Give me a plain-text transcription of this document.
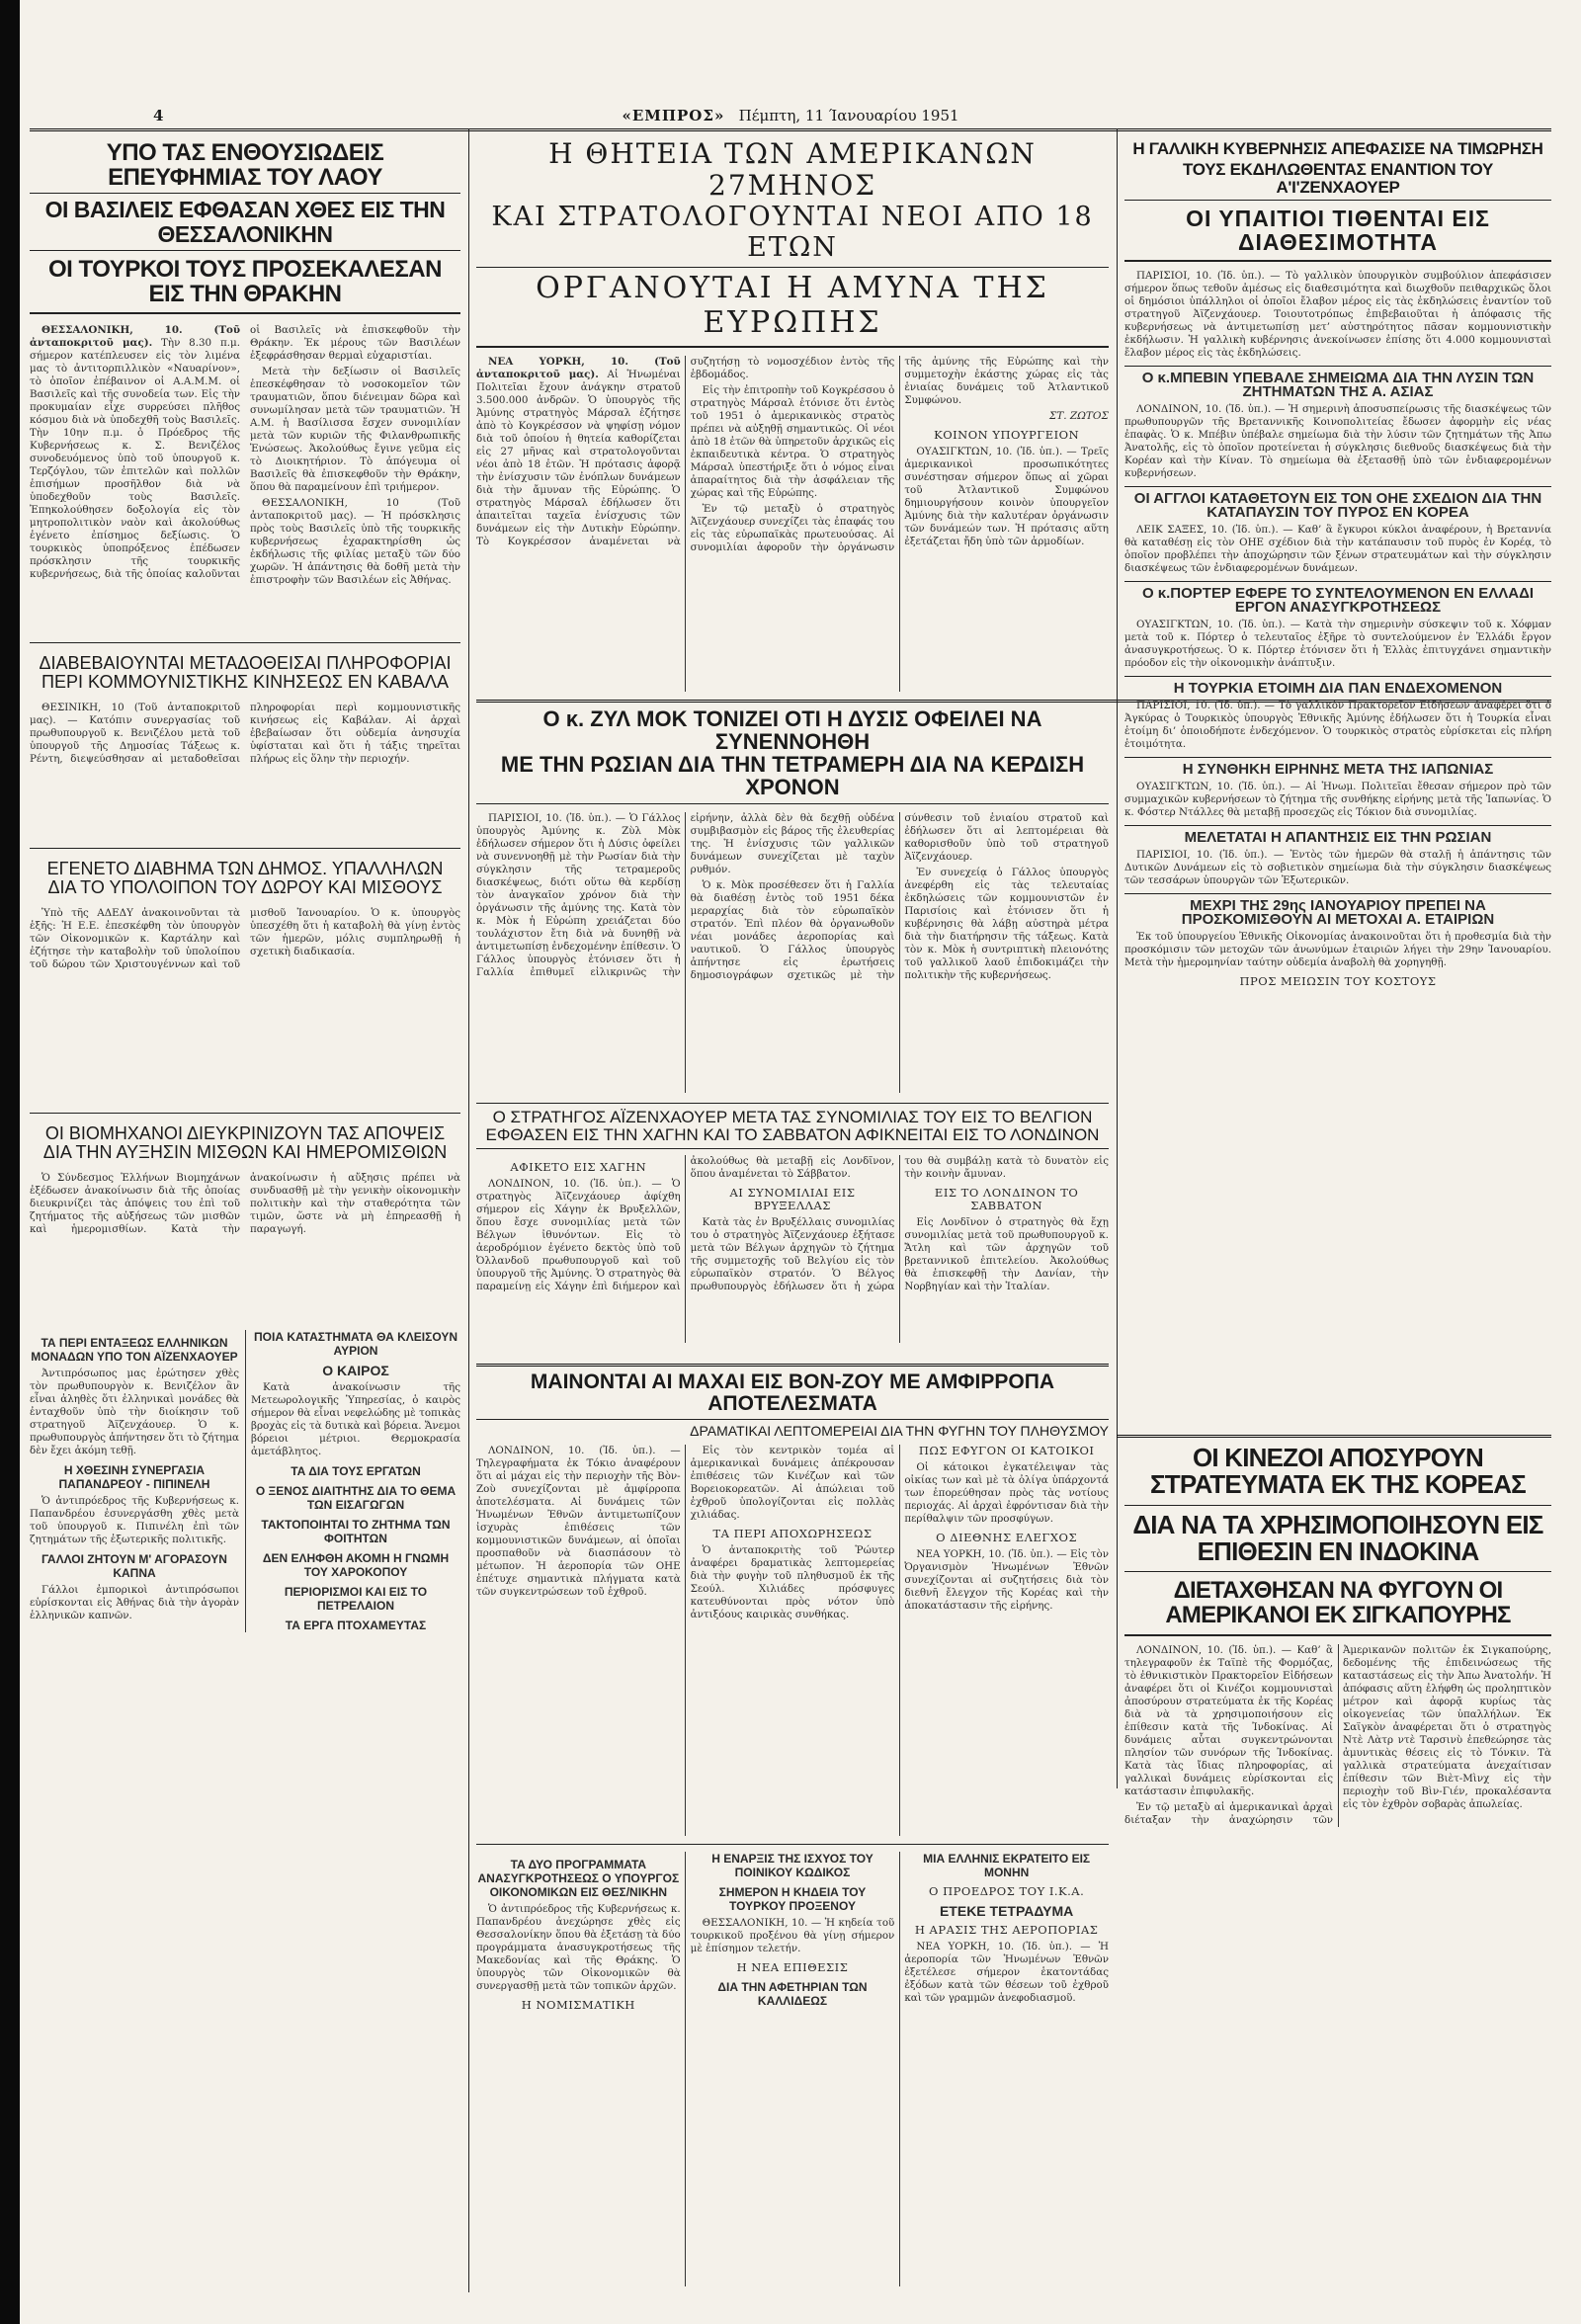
4	«ΕΜΠΡΟΣ» Πέμπτη, 11 Ίανουαρίου 1951
ΥΠΟ ΤΑΣ ΕΝΘΟΥΣΙΩΔΕΙΣ ΕΠΕΥΦΗΜΙΑΣ ΤΟΥ ΛΑΟΥ
ΟΙ ΒΑΣΙΛΕΙΣ ΕΦΘΑΣΑΝ ΧΘΕΣ ΕΙΣ ΤΗΝ ΘΕΣΣΑΛΟΝΙΚΗΝ
ΟΙ ΤΟΥΡΚΟΙ ΤΟΥΣ ΠΡΟΣΕΚΑΛΕΣΑΝ ΕΙΣ ΤΗΝ ΘΡΑΚΗΝ

ΘΕΣΣΑΛΟΝΙΚΗ, 10. (Τοῦ ἀνταποκριτοῦ μας). Τὴν 8.30 π.μ. σήμερον κατέπλευσεν εἰς τὸν λιμένα μας τὸ ἀντιτορπιλλικὸν «Ναυαρίνον», τὸ ὁποῖον ἐπέβαινον οἱ Α.Α.Μ.Μ. οἱ Βασιλεῖς καὶ τῆς συνοδεία των. Εἰς τὴν προκυμαίαν εἶχε συρρεύσει πλῆθος κόσμου διὰ νὰ ὑποδεχθῆ τοὺς Βασιλεῖς. Τὴν 10ην π.μ. ὁ Πρόεδρος τῆς Κυβερνήσεως κ. Σ. Βενιζέλος συνοδευόμενος ὑπὸ τοῦ ὑπουργοῦ κ. Τερζόγλου, τῶν ἐπιτελῶν καὶ πολλῶν ἐπισήμων προσῆλθον διὰ νὰ ὑποδεχθοῦν τοὺς Βασιλεῖς. Ἐπηκολούθησεν δοξολογία εἰς τὸν μητροπολιτικὸν ναὸν καὶ ἀκολούθως ἐγένετο ἐπίσημος δεξίωσις. Ὁ τουρκικὸς ὑποπρόξενος ἐπέδωσεν πρόσκλησιν τῆς τουρκικῆς κυβερνήσεως, διὰ τῆς ὁποίας καλοῦνται οἱ Βασιλεῖς νὰ ἐπισκεφθοῦν τὴν Θράκην. Ἐκ μέρους τῶν Βασιλέων ἐξεφράσθησαν θερμαὶ εὐχαριστίαι.

Μετὰ τὴν δεξίωσιν οἱ Βασιλεῖς ἐπεσκέφθησαν τὸ νοσοκομεῖον τῶν τραυματιῶν, ὅπου διένειμαν δῶρα καὶ συνωμίλησαν μετὰ τῶν τραυματιῶν. Ἡ Α.Μ. ἡ Βασίλισσα ἔσχεν συνομιλίαν μετὰ τῶν κυριῶν τῆς Φιλανθρωπικῆς Ἑνώσεως. Ἀκολούθως ἔγινε γεῦμα εἰς τὸ Διοικητήριον. Τὸ ἀπόγευμα οἱ Βασιλεῖς θὰ ἐπισκεφθοῦν τὴν Θράκην, ὅπου θὰ παραμείνουν ἐπὶ τριήμερον.

ΘΕΣΣΑΛΟΝΙΚΗ, 10 (Τοῦ ἀνταποκριτοῦ μας). — Ἡ πρόσκλησις πρὸς τοὺς Βασιλεῖς ὑπὸ τῆς τουρκικῆς κυβερνήσεως ἐχαρακτηρίσθη ὡς ἐκδήλωσις τῆς φιλίας μεταξὺ τῶν δύο χωρῶν. Ἡ ἀπάντησις θὰ δοθῆ μετὰ τὴν ἐπιστροφὴν τῶν Βασιλέων εἰς Ἀθήνας.

ΔΙΑΒΕΒΑΙΟΥΝΤΑΙ ΜΕΤΑΔΟΘΕΙΣΑΙ ΠΛΗΡΟΦΟΡΙΑΙ ΠΕΡΙ ΚΟΜΜΟΥΝΙΣΤΙΚΗΣ ΚΙΝΗΣΕΩΣ ΕΝ ΚΑΒΑΛΑ

ΘΕΣΙΝΙΚΗ, 10 (Τοῦ ἀνταποκριτοῦ μας). — Κατόπιν συνεργασίας τοῦ πρωθυπουργοῦ κ. Βενιζέλου μετὰ τοῦ ὑπουργοῦ τῆς Δημοσίας Τάξεως κ. Ρέντη, διεψεύσθησαν αἱ μεταδοθεῖσαι πληροφορίαι περὶ κομμουνιστικῆς κινήσεως εἰς Καβάλαν. Αἱ ἀρχαὶ ἐβεβαίωσαν ὅτι οὐδεμία ἀνησυχία ὑφίσταται καὶ ὅτι ἡ τάξις τηρεῖται πλήρως εἰς ὅλην τὴν περιοχήν.

ΕΓΕΝΕΤΟ ΔΙΑΒΗΜΑ ΤΩΝ ΔΗΜΟΣ. ΥΠΑΛΛΗΛΩΝ ΔΙΑ ΤΟ ΥΠΟΛΟΙΠΟΝ ΤΟΥ ΔΩΡΟΥ ΚΑΙ ΜΙΣΘΟΥΣ

Ὑπὸ τῆς ΑΔΕΔΥ ἀνακοινοῦνται τὰ ἑξῆς: Ἡ Ε.Ε. ἐπεσκέφθη τὸν ὑπουργὸν τῶν Οἰκονομικῶν κ. Καρτάλην καὶ ἐζήτησε τὴν καταβολὴν τοῦ ὑπολοίπου τοῦ δώρου τῶν Χριστουγέννων καὶ τοῦ μισθοῦ Ἰανουαρίου. Ὁ κ. ὑπουργὸς ὑπεσχέθη ὅτι ἡ καταβολὴ θὰ γίνῃ ἐντὸς τῶν ἡμερῶν, μόλις συμπληρωθῇ ἡ σχετικὴ διαδικασία.

ΟΙ ΒΙΟΜΗΧΑΝΟΙ ΔΙΕΥΚΡΙΝΙΖΟΥΝ ΤΑΣ ΑΠΟΨΕΙΣ ΔΙΑ ΤΗΝ ΑΥΞΗΣΙΝ ΜΙΣΘΩΝ ΚΑΙ ΗΜΕΡΟΜΙΣΘΙΩΝ

Ὁ Σύνδεσμος Ἑλλήνων Βιομηχάνων ἐξέδωσεν ἀνακοίνωσιν διὰ τῆς ὁποίας διευκρινίζει τὰς ἀπόψεις του ἐπὶ τοῦ ζητήματος τῆς αὐξήσεως τῶν μισθῶν καὶ ἡμερομισθίων. Κατὰ τὴν ἀνακοίνωσιν ἡ αὔξησις πρέπει νὰ συνδυασθῇ μὲ τὴν γενικὴν οἰκονομικὴν πολιτικὴν καὶ τὴν σταθερότητα τῶν τιμῶν, ὥστε νὰ μὴ ἐπηρεασθῇ ἡ παραγωγή.

ΤΑ ΠΕΡΙ ΕΝΤΑΞΕΩΣ ΕΛΛΗΝΙΚΩΝ ΜΟΝΑΔΩΝ ΥΠΟ ΤΟΝ ΑΪΖΕΝΧΑΟΥΕΡ

Ἀντιπρόσωπος μας ἐρώτησεν χθὲς τὸν πρωθυπουργὸν κ. Βενιζέλον ἂν εἶναι ἀληθὲς ὅτι ἑλληνικαὶ μονάδες θὰ ἐνταχθοῦν ὑπὸ τὴν διοίκησιν τοῦ στρατηγοῦ Ἀϊζενχάουερ. Ὁ κ. πρωθυπουργὸς ἀπήντησεν ὅτι τὸ ζήτημα δὲν ἔχει ἀκόμη τεθῇ.

Η ΧΘΕΣΙΝΗ ΣΥΝΕΡΓΑΣΙΑ ΠΑΠΑΝΔΡΕΟΥ - ΠΙΠΙΝΕΛΗ

Ὁ ἀντιπρόεδρος τῆς Κυβερνήσεως κ. Παπανδρέου ἐσυνεργάσθη χθὲς μετὰ τοῦ ὑπουργοῦ κ. Πιπινέλη ἐπὶ τῶν ζητημάτων τῆς ἐξωτερικῆς πολιτικῆς.

ΓΑΛΛΟΙ ΖΗΤΟΥΝ Μ' ΑΓΟΡΑΣΟΥΝ ΚΑΠΝΑ

Γάλλοι ἐμπορικοὶ ἀντιπρόσωποι εὑρίσκονται εἰς Ἀθήνας διὰ τὴν ἀγορὰν ἑλληνικῶν καπνῶν.

ΠΟΙΑ ΚΑΤΑΣΤΗΜΑΤΑ ΘΑ ΚΛΕΙΣΟΥΝ ΑΥΡΙΟΝ
Ο ΚΑΙΡΟΣ

Κατὰ ἀνακοίνωσιν τῆς Μετεωρολογικῆς Ὑπηρεσίας, ὁ καιρὸς σήμερον θὰ εἶναι νεφελώδης μὲ τοπικὰς βροχὰς εἰς τὰ δυτικὰ καὶ βόρεια. Ἄνεμοι βόρειοι μέτριοι. Θερμοκρασία ἀμετάβλητος.

ΤΑ ΔΙΑ ΤΟΥΣ ΕΡΓΑΤΩΝ
Ο ΞΕΝΟΣ ΔΙΑΙΤΗΤΗΣ ΔΙΑ ΤΟ ΘΕΜΑ ΤΩΝ ΕΙΣΑΓΩΓΩΝ
ΤΑΚΤΟΠΟΙΗΤΑΙ ΤΟ ΖΗΤΗΜΑ ΤΩΝ ΦΟΙΤΗΤΩΝ
ΔΕΝ ΕΛΗΦΘΗ ΑΚΟΜΗ Η ΓΝΩΜΗ ΤΟΥ ΧΑΡΟΚΟΠΟΥ
ΠΕΡΙΟΡΙΣΜΟΙ ΚΑΙ ΕΙΣ ΤΟ ΠΕΤΡΕΛΑΙΟΝ
ΤΑ ΕΡΓΑ ΠΤΟΧΑΜΕΥΤΑΣ
Η ΘΗΤΕΙΑ ΤΩΝ ΑΜΕΡΙΚΑΝΩΝ 27ΜΗΝΟΣ
ΚΑΙ ΣΤΡΑΤΟΛΟΓΟΥΝΤΑΙ ΝΕΟΙ ΑΠΟ 18 ΕΤΩΝ
ΟΡΓΑΝΟΥΤΑΙ Η ΑΜΥΝΑ ΤΗΣ ΕΥΡΩΠΗΣ

ΝΕΑ ΥΟΡΚΗ, 10. (Τοῦ ἀνταποκριτοῦ μας). Αἱ Ἡνωμέναι Πολιτεῖαι ἔχουν ἀνάγκην στρατοῦ 3.500.000 ἀνδρῶν. Ὁ ὑπουργὸς τῆς Ἀμύνης στρατηγὸς Μάρσαλ ἐζήτησε ἀπὸ τὸ Κογκρέσσον νὰ ψηφίσῃ νόμον διὰ τοῦ ὁποίου ἡ θητεία καθορίζεται εἰς 27 μῆνας καὶ στρατολογοῦνται νέοι ἀπὸ 18 ἐτῶν. Ἡ πρότασις ἀφορᾷ τὴν ἐνίσχυσιν τῶν ἐνόπλων δυνάμεων διὰ τὴν ἄμυναν τῆς Εὐρώπης. Ὁ στρατηγὸς Μάρσαλ ἐδήλωσεν ὅτι ἀπαιτεῖται ταχεῖα ἐνίσχυσις τῶν δυνάμεων εἰς τὴν Δυτικὴν Εὐρώπην. Τὸ Κογκρέσσον ἀναμένεται νὰ συζητήσῃ τὸ νομοσχέδιον ἐντὸς τῆς ἑβδομάδος.

Εἰς τὴν ἐπιτροπὴν τοῦ Κογκρέσσου ὁ στρατηγὸς Μάρσαλ ἐτόνισε ὅτι ἐντὸς τοῦ 1951 ὁ ἀμερικανικὸς στρατὸς πρέπει νὰ αὐξηθῇ σημαντικῶς. Οἱ νέοι ἀπὸ 18 ἐτῶν θὰ ὑπηρετοῦν ἀρχικῶς εἰς ἐκπαιδευτικὰ κέντρα. Ὁ στρατηγὸς Μάρσαλ ὑπεστήριξε ὅτι ὁ νόμος εἶναι ἀπαραίτητος διὰ τὴν ἀσφάλειαν τῆς χώρας καὶ τῆς Εὐρώπης.

Ἐν τῷ μεταξὺ ὁ στρατηγὸς Ἀϊζενχάουερ συνεχίζει τὰς ἐπαφάς του εἰς τὰς εὐρωπαϊκὰς πρωτευούσας. Αἱ συνομιλίαι ἀφοροῦν τὴν ὀργάνωσιν τῆς ἀμύνης τῆς Εὐρώπης καὶ τὴν συμμετοχὴν ἑκάστης χώρας εἰς τὰς ἑνιαίας δυνάμεις τοῦ Ἀτλαντικοῦ Συμφώνου.

ΣΤ. ΖΩΤΟΣ
ΚΟΙΝΟΝ ΥΠΟΥΡΓΕΙΟΝ

ΟΥΑΣΙΓΚΤΩΝ, 10. (Ἰδ. ὑπ.). — Τρεῖς ἀμερικανικοὶ προσωπικότητες συνέστησαν σήμερον ὅπως αἱ χῶραι τοῦ Ἀτλαντικοῦ Συμφώνου δημιουργήσουν κοινὸν ὑπουργεῖον Ἀμύνης διὰ τὴν καλυτέραν ὀργάνωσιν τῶν δυνάμεών των. Ἡ πρότασις αὕτη ἐξετάζεται ἤδη ὑπὸ τῶν ἁρμοδίων.

Ο κ. ΖΥΛ ΜΟΚ ΤΟΝΙΖΕΙ ΟΤΙ Η ΔΥΣΙΣ ΟΦΕΙΛΕΙ ΝΑ ΣΥΝΕΝΝΟΗΘΗ
ΜΕ ΤΗΝ ΡΩΣΙΑΝ ΔΙΑ ΤΗΝ ΤΕΤΡΑΜΕΡΗ ΔΙΑ ΝΑ ΚΕΡΔΙΣΗ ΧΡΟΝΟΝ

ΠΑΡΙΣΙΟΙ, 10. (Ἰδ. ὑπ.). — Ὁ Γάλλος ὑπουργὸς Ἀμύνης κ. Ζὺλ Μὸκ ἐδήλωσεν σήμερον ὅτι ἡ Δύσις ὀφείλει νὰ συνεννοηθῇ μὲ τὴν Ρωσίαν διὰ τὴν σύγκλησιν τῆς τετραμεροῦς διασκέψεως, διότι οὕτω θὰ κερδίσῃ τὸν ἀναγκαῖον χρόνον διὰ τὴν ὀργάνωσιν τῆς ἀμύνης της. Κατὰ τὸν κ. Μὸκ ἡ Εὐρώπη χρειάζεται δύο τουλάχιστον ἔτη διὰ νὰ δυνηθῇ νὰ ἀντιμετωπίσῃ ἐνδεχομένην ἐπίθεσιν. Ὁ Γάλλος ὑπουργὸς ἐτόνισεν ὅτι ἡ Γαλλία ἐπιθυμεῖ εἰλικρινῶς τὴν εἰρήνην, ἀλλὰ δὲν θὰ δεχθῇ οὐδένα συμβιβασμὸν εἰς βάρος τῆς ἐλευθερίας της. Ἡ ἐνίσχυσις τῶν γαλλικῶν δυνάμεων συνεχίζεται μὲ ταχὺν ρυθμόν.

Ὁ κ. Μὸκ προσέθεσεν ὅτι ἡ Γαλλία θὰ διαθέσῃ ἐντὸς τοῦ 1951 δέκα μεραρχίας διὰ τὸν εὐρωπαϊκὸν στρατόν. Ἐπὶ πλέον θὰ ὀργανωθοῦν νέαι μονάδες ἀεροπορίας καὶ ναυτικοῦ. Ὁ Γάλλος ὑπουργὸς ἀπήντησε εἰς ἐρωτήσεις δημοσιογράφων σχετικῶς μὲ τὴν σύνθεσιν τοῦ ἑνιαίου στρατοῦ καὶ ἐδήλωσεν ὅτι αἱ λεπτομέρειαι θὰ καθορισθοῦν ὑπὸ τοῦ στρατηγοῦ Ἀϊζενχάουερ.

Ἐν συνεχείᾳ ὁ Γάλλος ὑπουργὸς ἀνεφέρθη εἰς τὰς τελευταίας ἐκδηλώσεις τῶν κομμουνιστῶν ἐν Παρισίοις καὶ ἐτόνισεν ὅτι ἡ κυβέρνησις θὰ λάβῃ αὐστηρὰ μέτρα διὰ τὴν διατήρησιν τῆς τάξεως. Κατὰ τὸν κ. Μὸκ ἡ συντριπτικὴ πλειονότης τοῦ γαλλικοῦ λαοῦ ἐπιδοκιμάζει τὴν πολιτικὴν τῆς κυβερνήσεως.

Ο ΣΤΡΑΤΗΓΟΣ ΑΪΖΕΝΧΑΟΥΕΡ ΜΕΤΑ ΤΑΣ ΣΥΝΟΜΙΛΙΑΣ ΤΟΥ ΕΙΣ ΤΟ ΒΕΛΓΙΟΝ
ΕΦΘΑΣΕΝ ΕΙΣ ΤΗΝ ΧΑΓΗΝ ΚΑΙ ΤΟ ΣΑΒΒΑΤΟΝ ΑΦΙΚΝΕΙΤΑΙ ΕΙΣ ΤΟ ΛΟΝΔΙΝΟΝ
ΑΦΙΚΕΤΟ ΕΙΣ ΧΑΓΗΝ

ΛΟΝΔΙΝΟΝ, 10. (Ἰδ. ὑπ.). — Ὁ στρατηγὸς Ἀϊζενχάουερ ἀφίχθη σήμερον εἰς Χάγην ἐκ Βρυξελλῶν, ὅπου ἔσχε συνομιλίας μετὰ τῶν Βέλγων ἰθυνόντων. Εἰς τὸ ἀεροδρόμιον ἐγένετο δεκτὸς ὑπὸ τοῦ Ὀλλανδοῦ πρωθυπουργοῦ καὶ τοῦ ὑπουργοῦ τῆς Ἀμύνης. Ὁ στρατηγὸς θὰ παραμείνῃ εἰς Χάγην ἐπὶ διήμερον καὶ ἀκολούθως θὰ μεταβῇ εἰς Λονδῖνον, ὅπου ἀναμένεται τὸ Σάββατον.

ΑΙ ΣΥΝΟΜΙΛΙΑΙ ΕΙΣ ΒΡΥΞΕΛΛΑΣ

Κατὰ τὰς ἐν Βρυξέλλαις συνομιλίας του ὁ στρατηγὸς Ἀϊζενχάουερ ἐξήτασε μετὰ τῶν Βέλγων ἀρχηγῶν τὸ ζήτημα τῆς συμμετοχῆς τοῦ Βελγίου εἰς τὸν εὐρωπαϊκὸν στρατόν. Ὁ Βέλγος πρωθυπουργὸς ἐδήλωσεν ὅτι ἡ χώρα του θὰ συμβάλῃ κατὰ τὸ δυνατὸν εἰς τὴν κοινὴν ἄμυναν.

ΕΙΣ ΤΟ ΛΟΝΔΙΝΟΝ ΤΟ ΣΑΒΒΑΤΟΝ

Εἰς Λονδῖνον ὁ στρατηγὸς θὰ ἔχῃ συνομιλίας μετὰ τοῦ πρωθυπουργοῦ κ. Ἄτλη καὶ τῶν ἀρχηγῶν τοῦ βρεταννικοῦ ἐπιτελείου. Ἀκολούθως θὰ ἐπισκεφθῇ τὴν Δανίαν, τὴν Νορβηγίαν καὶ τὴν Ἰταλίαν.

ΜΑΙΝΟΝΤΑΙ ΑΙ ΜΑΧΑΙ ΕΙΣ ΒΟΝ-ΖΟΥ ΜΕ ΑΜΦΙΡΡΟΠΑ ΑΠΟΤΕΛΕΣΜΑΤΑ
ΔΡΑΜΑΤΙΚΑΙ ΛΕΠΤΟΜΕΡΕΙΑΙ ΔΙΑ ΤΗΝ ΦΥΓΗΝ ΤΟΥ ΠΛΗΘΥΣΜΟΥ

ΛΟΝΔΙΝΟΝ, 10. (Ἰδ. ὑπ.). — Τηλεγραφήματα ἐκ Τόκιο ἀναφέρουν ὅτι αἱ μάχαι εἰς τὴν περιοχὴν τῆς Βὸν-Ζοὺ συνεχίζονται μὲ ἀμφίρροπα ἀποτελέσματα. Αἱ δυνάμεις τῶν Ἡνωμένων Ἐθνῶν ἀντιμετωπίζουν ἰσχυρὰς ἐπιθέσεις τῶν κομμουνιστικῶν δυνάμεων, αἱ ὁποῖαι προσπαθοῦν νὰ διασπάσουν τὸ μέτωπον. Ἡ ἀεροπορία τῶν ΟΗΕ ἐπέτυχε σημαντικὰ πλήγματα κατὰ τῶν συγκεντρώσεων τοῦ ἐχθροῦ.

Εἰς τὸν κεντρικὸν τομέα αἱ ἀμερικανικαὶ δυνάμεις ἀπέκρουσαν ἐπιθέσεις τῶν Κινέζων καὶ τῶν Βορειοκορεατῶν. Αἱ ἀπώλειαι τοῦ ἐχθροῦ ὑπολογίζονται εἰς πολλὰς χιλιάδας.

ΤΑ ΠΕΡΙ ΑΠΟΧΩΡΗΣΕΩΣ

Ὁ ἀνταποκριτὴς τοῦ Ῥώυτερ ἀναφέρει δραματικὰς λεπτομερείας διὰ τὴν φυγὴν τοῦ πληθυσμοῦ ἐκ τῆς Σεούλ. Χιλιάδες πρόσφυγες κατευθύνονται πρὸς νότον ὑπὸ ἀντιξόους καιρικὰς συνθήκας.

ΠΩΣ ΕΦΥΓΟΝ ΟΙ ΚΑΤΟΙΚΟΙ

Οἱ κάτοικοι ἐγκατέλειψαν τὰς οἰκίας των καὶ μὲ τὰ ὀλίγα ὑπάρχοντά των ἐπορεύθησαν πρὸς τὰς νοτίους περιοχάς. Αἱ ἀρχαὶ ἐφρόντισαν διὰ τὴν περίθαλψιν τῶν προσφύγων.

Ο ΔΙΕΘΝΗΣ ΕΛΕΓΧΟΣ

ΝΕΑ ΥΟΡΚΗ, 10. (Ἰδ. ὑπ.). — Εἰς τὸν Ὀργανισμὸν Ἡνωμένων Ἐθνῶν συνεχίζονται αἱ συζητήσεις διὰ τὸν διεθνῆ ἔλεγχον τῆς Κορέας καὶ τὴν ἀποκατάστασιν τῆς εἰρήνης.

ΤΑ ΔΥΟ ΠΡΟΓΡΑΜΜΑΤΑ ΑΝΑΣΥΓΚΡΟΤΗΣΕΩΣ Ο ΥΠΟΥΡΓΟΣ ΟΙΚΟΝΟΜΙΚΩΝ ΕΙΣ ΘΕΣ/ΝΙΚΗΝ

Ὁ ἀντιπρόεδρος τῆς Κυβερνήσεως κ. Παπανδρέου ἀνεχώρησε χθὲς εἰς Θεσσαλονίκην ὅπου θὰ ἐξετάσῃ τὰ δύο προγράμματα ἀνασυγκροτήσεως τῆς Μακεδονίας καὶ τῆς Θράκης. Ὁ ὑπουργὸς τῶν Οἰκονομικῶν θὰ συνεργασθῇ μετὰ τῶν τοπικῶν ἀρχῶν.

Η ΝΟΜΙΣΜΑΤΙΚΗ
Η ΕΝΑΡΞΙΣ ΤΗΣ ΙΣΧΥΟΣ ΤΟΥ ΠΟΙΝΙΚΟΥ ΚΩΔΙΚΟΣ
ΣΗΜΕΡΟΝ Η ΚΗΔΕΙΑ ΤΟΥ ΤΟΥΡΚΟΥ ΠΡΟΞΕΝΟΥ

ΘΕΣΣΑΛΟΝΙΚΗ, 10. — Ἡ κηδεία τοῦ τουρκικοῦ προξένου θὰ γίνῃ σήμερον μὲ ἐπίσημον τελετήν.

Η ΝΕΑ ΕΠΙΘΕΣΙΣ
ΔΙΑ ΤΗΝ ΑΦΕΤΗΡΙΑΝ ΤΩΝ ΚΑΛΛΙΔΕΩΣ
ΜΙΑ ΕΛΛΗΝΙΣ ΕΚΡΑΤΕΙΤΟ ΕΙΣ ΜΟΝΗΝ
Ο ΠΡΟΕΔΡΟΣ ΤΟΥ Ι.Κ.Α.
ΕΤΕΚΕ ΤΕΤΡΑΔΥΜΑ
Η ΑΡΑΣΙΣ ΤΗΣ ΑΕΡΟΠΟΡΙΑΣ

ΝΕΑ ΥΟΡΚΗ, 10. (Ἰδ. ὑπ.). — Ἡ ἀεροπορία τῶν Ἡνωμένων Ἐθνῶν ἐξετέλεσε σήμερον ἑκατοντάδας ἐξόδων κατὰ τῶν θέσεων τοῦ ἐχθροῦ καὶ τῶν γραμμῶν ἀνεφοδιασμοῦ.

Η ΓΑΛΛΙΚΗ ΚΥΒΕΡΝΗΣΙΣ ΑΠΕΦΑΣΙΣΕ ΝΑ ΤΙΜΩΡΗΣΗ
ΤΟΥΣ ΕΚΔΗΛΩΘΕΝΤΑΣ ΕΝΑΝΤΙΟΝ ΤΟΥ Α'Ι'ΖΕΝΧΑΟΥΕΡ
ΟΙ ΥΠΑΙΤΙΟΙ ΤΙΘΕΝΤΑΙ ΕΙΣ ΔΙΑΘΕΣΙΜΟΤΗΤΑ

ΠΑΡΙΣΙΟΙ, 10. (Ἰδ. ὑπ.). — Τὸ γαλλικὸν ὑπουργικὸν συμβούλιον ἀπεφάσισεν σήμερον ὅπως τεθοῦν ἀμέσως εἰς διαθεσιμότητα καὶ διωχθοῦν πειθαρχικῶς ὅλοι οἱ δημόσιοι ὑπάλληλοι οἱ ὁποῖοι ἔλαβον μέρος εἰς τὰς ἐκδηλώσεις ἐναντίον τοῦ στρατηγοῦ Ἀϊζενχάουερ. Τοιουτοτρόπως ἐπιβεβαιοῦται ἡ ἀπόφασις τῆς κυβερνήσεως νὰ ἀντιμετωπίσῃ μετ’ αὐστηρότητος πᾶσαν κομμουνιστικὴν ἐκδήλωσιν. Ἡ γαλλικὴ κυβέρνησις ἀνεκοίνωσεν ἐπίσης ὅτι 4.000 κομμουνισταὶ ἔλαβον μέρος εἰς τὰς ἐκδηλώσεις.

Ο κ.ΜΠΕΒΙΝ ΥΠΕΒΑΛΕ ΣΗΜΕΙΩΜΑ ΔΙΑ ΤΗΝ ΛΥΣΙΝ ΤΩΝ ΖΗΤΗΜΑΤΩΝ ΤΗΣ Α. ΑΣΙΑΣ

ΛΟΝΔΙΝΟΝ, 10. (Ἰδ. ὑπ.). — Ἡ σημερινὴ ἀποσυσπείρωσις τῆς διασκέψεως τῶν πρωθυπουργῶν τῆς Βρεταννικῆς Κοινοπολιτείας ἔδωσεν ἀφορμὴν εἰς νέας ἐπαφὰς. Ὁ κ. Μπέβιν ὑπέβαλε σημείωμα διὰ τὴν λύσιν τῶν ζητημάτων τῆς Ἀπω Ἀνατολῆς, εἰς τὸ ὁποῖον προτείνεται ἡ σύγκλησις διεθνοῦς διασκέψεως διὰ τὴν Κορέαν καὶ τὴν Κίναν. Τὸ σημείωμα θὰ ἐξετασθῇ ὑπὸ τῶν ἐνδιαφερομένων κυβερνήσεων.

ΟΙ ΑΓΓΛΟΙ ΚΑΤΑΘΕΤΟΥΝ ΕΙΣ ΤΟΝ ΟΗΕ ΣΧΕΔΙΟΝ ΔΙΑ ΤΗΝ ΚΑΤΑΠΑΥΣΙΝ ΤΟΥ ΠΥΡΟΣ ΕΝ ΚΟΡΕΑ

ΛΕΙΚ ΣΑΞΕΣ, 10. (Ἰδ. ὑπ.). — Καθ’ ἃ ἔγκυροι κύκλοι ἀναφέρουν, ἡ Βρεταννία θὰ καταθέσῃ εἰς τὸν ΟΗΕ σχέδιον διὰ τὴν κατάπαυσιν τοῦ πυρὸς ἐν Κορέᾳ, τὸ ὁποῖον προβλέπει τὴν ἀποχώρησιν τῶν ξένων στρατευμάτων καὶ τὴν σύγκλησιν διασκέψεως τῶν ἐνδιαφερομένων δυνάμεων.

Ο κ.ΠΟΡΤΕΡ ΕΦΕΡΕ ΤΟ ΣΥΝΤΕΛΟΥΜΕΝΟΝ ΕΝ ΕΛΛΑΔΙ ΕΡΓΟΝ ΑΝΑΣΥΓΚΡΟΤΗΣΕΩΣ

ΟΥΑΣΙΓΚΤΩΝ, 10. (Ἰδ. ὑπ.). — Κατὰ τὴν σημερινὴν σύσκεψιν τοῦ κ. Χόφμαν μετὰ τοῦ κ. Πόρτερ ὁ τελευταῖος ἐξῆρε τὸ συντελούμενον ἐν Ἑλλάδι ἔργον ἀνασυγκροτήσεως. Ὁ κ. Πόρτερ ἐτόνισεν ὅτι ἡ Ἑλλὰς ἐπιτυγχάνει σημαντικὴν πρόοδον εἰς τὴν οἰκονομικὴν ἀνάπτυξιν.

Η ΤΟΥΡΚΙΑ ΕΤΟΙΜΗ ΔΙΑ ΠΑΝ ΕΝΔΕΧΟΜΕΝΟΝ

ΠΑΡΙΣΙΟΙ, 10. (Ἰδ. ὑπ.). — Τὸ γαλλικὸν Πρακτορεῖον Εἰδήσεων ἀναφέρει ὅτι ὁ Ἀγκύρας ὁ Τουρκικὸς ὑπουργὸς Ἐθνικῆς Ἀμύνης ἐδήλωσεν ὅτι ἡ Τουρκία εἶναι ἑτοίμη δι’ ὁποιοδήποτε ἐνδεχόμενον. Ὁ τουρκικὸς στρατὸς εὑρίσκεται εἰς πλήρη ἑτοιμότητα.

Η ΣΥΝΘΗΚΗ ΕΙΡΗΝΗΣ ΜΕΤΑ ΤΗΣ ΙΑΠΩΝΙΑΣ

ΟΥΑΣΙΓΚΤΩΝ, 10. (Ἰδ. ὑπ.). — Αἱ Ἡνωμ. Πολιτεῖαι ἔθεσαν σήμερον πρὸ τῶν συμμαχικῶν κυβερνήσεων τὸ ζήτημα τῆς συνθήκης εἰρήνης μετὰ τῆς Ἰαπωνίας. Ὁ κ. Φόστερ Ντάλλες θὰ μεταβῇ προσεχῶς εἰς Τόκιον διὰ συνομιλίας.

ΜΕΛΕΤΑΤΑΙ Η ΑΠΑΝΤΗΣΙΣ ΕΙΣ ΤΗΝ ΡΩΣΙΑΝ

ΠΑΡΙΣΙΟΙ, 10. (Ἰδ. ὑπ.). — Ἐντὸς τῶν ἡμερῶν θὰ σταλῇ ἡ ἀπάντησις τῶν Δυτικῶν Δυνάμεων εἰς τὸ σοβιετικὸν σημείωμα διὰ τὴν σύγκλησιν διασκέψεως τῶν τεσσάρων ὑπουργῶν τῶν Ἐξωτερικῶν.

ΜΕΧΡΙ ΤΗΣ 29ης ΙΑΝΟΥΑΡΙΟΥ ΠΡΕΠΕΙ ΝΑ ΠΡΟΣΚΟΜΙΣΘΟΥΝ ΑΙ ΜΕΤΟΧΑΙ Α. ΕΤΑΙΡΙΩΝ

Ἐκ τοῦ ὑπουργείου Ἐθνικῆς Οἰκονομίας ἀνακοινοῦται ὅτι ἡ προθεσμία διὰ τὴν προσκόμισιν τῶν μετοχῶν τῶν ἀνωνύμων ἑταιριῶν λήγει τὴν 29ην Ἰανουαρίου. Μετὰ τὴν ἡμερομηνίαν ταύτην οὐδεμία ἀναβολὴ θὰ χορηγηθῇ.

ΠΡΟΣ ΜΕΙΩΣΙΝ ΤΟΥ ΚΟΣΤΟΥΣ
ΟΙ ΚΙΝΕΖΟΙ ΑΠΟΣΥΡΟΥΝ ΣΤΡΑΤΕΥΜΑΤΑ ΕΚ ΤΗΣ ΚΟΡΕΑΣ
ΔΙΑ ΝΑ ΤΑ ΧΡΗΣΙΜΟΠΟΙΗΣΟΥΝ ΕΙΣ ΕΠΙΘΕΣΙΝ ΕΝ ΙΝΔΟΚΙΝΑ
ΔΙΕΤΑΧΘΗΣΑΝ ΝΑ ΦΥΓΟΥΝ ΟΙ ΑΜΕΡΙΚΑΝΟΙ ΕΚ ΣΙΓΚΑΠΟΥΡΗΣ

ΛΟΝΔΙΝΟΝ, 10. (Ἰδ. ὑπ.). — Καθ’ ἃ τηλεγραφοῦν ἐκ Ταϊπὲ τῆς Φορμόζας, τὸ ἐθνικιστικὸν Πρακτορεῖον Εἰδήσεων ἀναφέρει ὅτι οἱ Κινέζοι κομμουνισταὶ ἀποσύρουν στρατεύματα ἐκ τῆς Κορέας διὰ νὰ τὰ χρησιμοποιήσουν εἰς ἐπίθεσιν κατὰ τῆς Ἰνδοκίνας. Αἱ δυνάμεις αὗται συγκεντρώνονται πλησίον τῶν συνόρων τῆς Ἰνδοκίνας. Κατὰ τὰς ἴδιας πληροφορίας, αἱ γαλλικαὶ δυνάμεις εὑρίσκονται εἰς κατάστασιν ἐπιφυλακῆς.

Ἐν τῷ μεταξὺ αἱ ἀμερικανικαὶ ἀρχαὶ διέταξαν τὴν ἀναχώρησιν τῶν Ἀμερικανῶν πολιτῶν ἐκ Σιγκαπούρης, δεδομένης τῆς ἐπιδεινώσεως τῆς καταστάσεως εἰς τὴν Ἀπω Ἀνατολήν. Ἡ ἀπόφασις αὕτη ἐλήφθη ὡς προληπτικὸν μέτρον καὶ ἀφορᾷ κυρίως τὰς οἰκογενείας τῶν ὑπαλλήλων. Ἐκ Σαϊγκὸν ἀναφέρεται ὅτι ὁ στρατηγὸς Ντὲ Λὰτρ ντὲ Ταρσινὺ ἐπεθεώρησε τὰς ἀμυντικὰς θέσεις εἰς τὸ Τόνκιν. Τὰ γαλλικὰ στρατεύματα ἀνεχαίτισαν ἐπίθεσιν τῶν Βιὲτ-Μὶνχ εἰς τὴν περιοχὴν τοῦ Βὶν-Γιέν, προκαλέσαντα εἰς τὸν ἐχθρὸν σοβαρὰς ἀπωλείας.
